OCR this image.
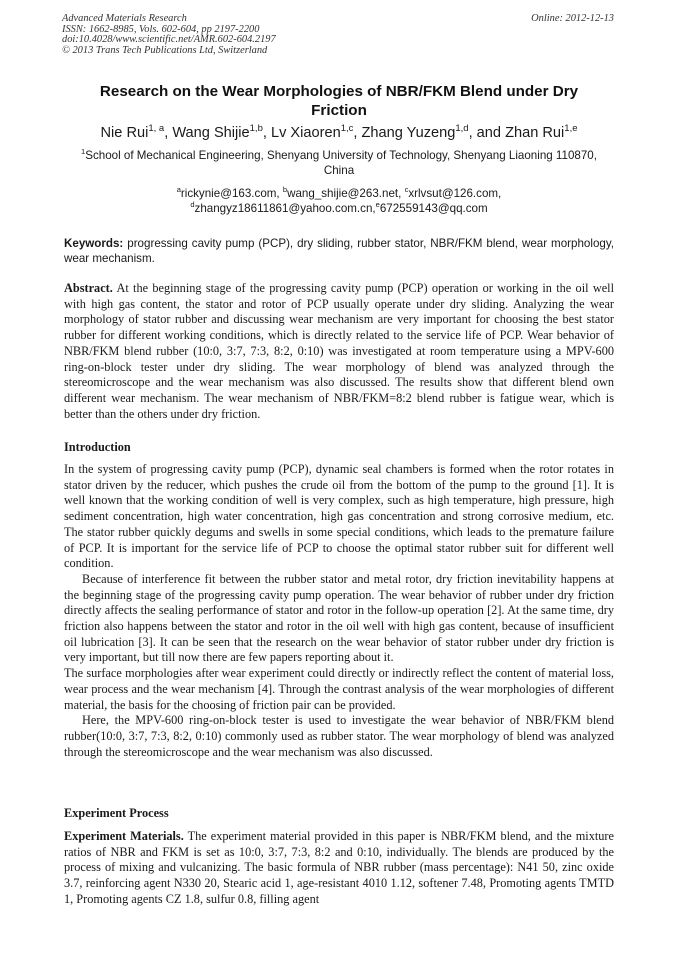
Advanced Materials Research
ISSN: 1662-8985, Vols. 602-604, pp 2197-2200
doi:10.4028/www.scientific.net/AMR.602-604.2197
© 2013 Trans Tech Publications Ltd, Switzerland
Online: 2012-12-13
Research on the Wear Morphologies of NBR/FKM Blend under Dry Friction
Nie Rui$^{1, a}$, Wang Shijie$^{1,b}$, Lv Xiaoren$^{1,c}$, Zhang Yuzeng$^{1,d}$, and Zhan Rui$^{1,e}$
$^1$School of Mechanical Engineering, Shenyang University of Technology, Shenyang Liaoning 110870, China
$^a$rickynie@163.com, $^b$wang_shijie@263.net, $^c$xrlvsut@126.com,
$^d$zhangyz18611861@yahoo.com.cn,$^e$672559143@qq.com
Keywords: progressing cavity pump (PCP), dry sliding, rubber stator, NBR/FKM blend, wear morphology, wear mechanism.
Abstract. At the beginning stage of the progressing cavity pump (PCP) operation or working in the oil well with high gas content, the stator and rotor of PCP usually operate under dry sliding. Analyzing the wear morphology of stator rubber and discussing wear mechanism are very important for choosing the best stator rubber for different working conditions, which is directly related to the service life of PCP. Wear behavior of NBR/FKM blend rubber (10:0, 3:7, 7:3, 8:2, 0:10) was investigated at room temperature using a MPV-600 ring-on-block tester under dry sliding. The wear morphology of blend was analyzed through the stereomicroscope and the wear mechanism was also discussed. The results show that different blend own different wear mechanism. The wear mechanism of NBR/FKM=8:2 blend rubber is fatigue wear, which is better than the others under dry friction.
Introduction

In the system of progressing cavity pump (PCP), dynamic seal chambers is formed when the rotor rotates in stator driven by the reducer, which pushes the crude oil from the bottom of the pump to the ground [1]. It is well known that the working condition of well is very complex, such as high temperature, high pressure, high sediment concentration, high water concentration, high gas concentration and strong corrosive medium, etc. The stator rubber quickly degums and swells in some special conditions, which leads to the premature failure of PCP. It is important for the service life of PCP to choose the optimal stator rubber suit for different well condition.

Because of interference fit between the rubber stator and metal rotor, dry friction inevitability happens at the beginning stage of the progressing cavity pump operation. The wear behavior of rubber under dry friction directly affects the sealing performance of stator and rotor in the follow-up operation [2]. At the same time, dry friction also happens between the stator and rotor in the oil well with high gas content, because of insufficient oil lubrication [3]. It can be seen that the research on the wear behavior of stator rubber under dry friction is very important, but till now there are few papers reporting about it.

The surface morphologies after wear experiment could directly or indirectly reflect the content of material loss, wear process and the wear mechanism [4]. Through the contrast analysis of the wear morphologies of different material, the basis for the choosing of friction pair can be provided.

Here, the MPV-600 ring-on-block tester is used to investigate the wear behavior of NBR/FKM blend rubber(10:0, 3:7, 7:3, 8:2, 0:10) commonly used as rubber stator. The wear morphology of blend was analyzed through the stereomicroscope and the wear mechanism was also discussed.

Experiment Process
Experiment Materials. The experiment material provided in this paper is NBR/FKM blend, and the mixture ratios of NBR and FKM is set as 10:0, 3:7, 7:3, 8:2 and 0:10, individually. The blends are produced by the process of mixing and vulcanizing. The basic formula of NBR rubber (mass percentage): N41 50, zinc oxide 3.7, reinforcing agent N330 20, Stearic acid 1, age-resistant 4010 1.12, softener 7.48, Promoting agents TMTD 1, Promoting agents CZ 1.8, sulfur 0.8, filling agent
